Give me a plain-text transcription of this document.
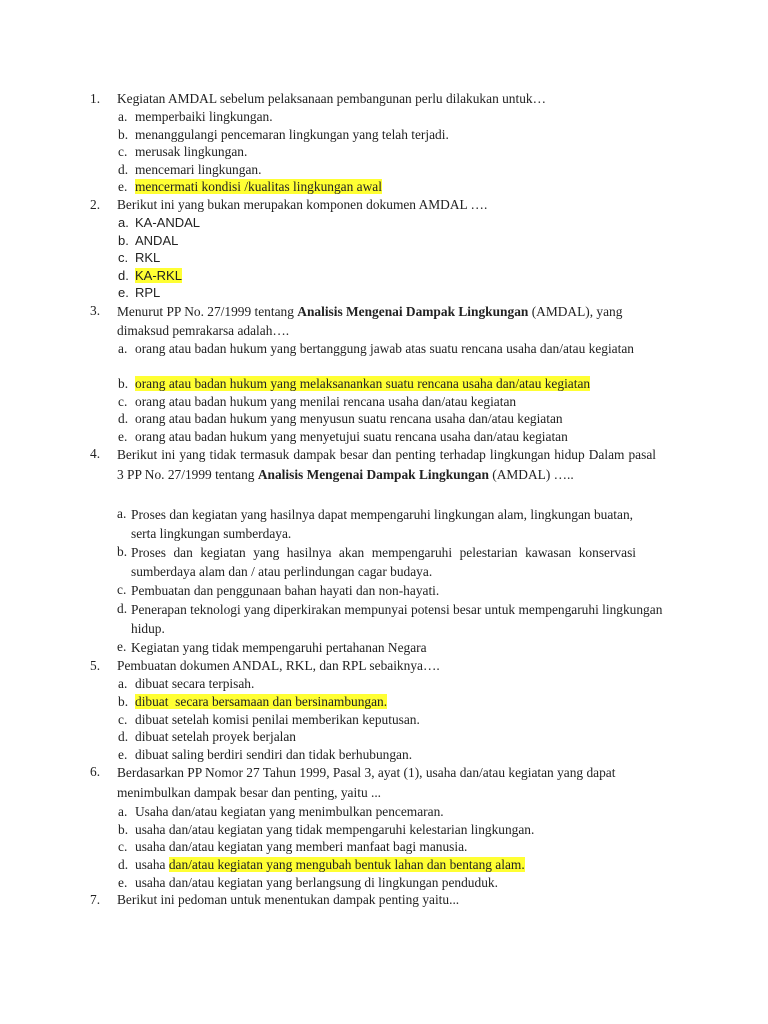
1.	Kegiatan AMDAL sebelum pelaksanaan pembangunan perlu dilakukan untuk…
a. memperbaiki lingkungan.
b. menanggulangi pencemaran lingkungan yang telah terjadi.
c. merusak lingkungan.
d. mencemari lingkungan.
e. mencermati kondisi /kualitas lingkungan awal
2.	Berikut ini yang bukan merupakan komponen dokumen AMDAL ….
a. KA-ANDAL
b. ANDAL
c. RKL
d. KA-RKL
e. RPL
3.	Menurut PP No. 27/1999 tentang Analisis Mengenai Dampak Lingkungan (AMDAL), yang dimaksud pemrakarsa adalah….
a. orang atau badan hukum yang bertanggung jawab atas suatu rencana usaha dan/atau kegiatan
b. orang atau badan hukum yang melaksanankan suatu rencana usaha dan/atau kegiatan
c. orang atau badan hukum yang menilai rencana usaha dan/atau kegiatan
d. orang atau badan hukum yang menyusun suatu rencana usaha dan/atau kegiatan
e. orang atau badan hukum yang menyetujui suatu rencana usaha dan/atau kegiatan
4.	Berikut ini yang tidak termasuk dampak besar dan penting terhadap lingkungan hidup Dalam pasal 3 PP No. 27/1999 tentang Analisis Mengenai Dampak Lingkungan (AMDAL) …..
a. Proses dan kegiatan yang hasilnya dapat mempengaruhi lingkungan alam, lingkungan buatan, serta lingkungan sumberdaya.
b. Proses dan kegiatan yang hasilnya akan mempengaruhi pelestarian kawasan konservasi sumberdaya alam dan / atau perlindungan cagar budaya.
c. Pembuatan dan penggunaan bahan hayati dan non-hayati.
d. Penerapan teknologi yang diperkirakan mempunyai potensi besar untuk mempengaruhi lingkungan hidup.
e. Kegiatan yang tidak mempengaruhi pertahanan Negara
5.	Pembuatan dokumen ANDAL, RKL, dan RPL sebaiknya….
a. dibuat secara terpisah.
b. dibuat  secara bersamaan dan bersinambungan.
c. dibuat setelah komisi penilai memberikan keputusan.
d. dibuat setelah proyek berjalan
e. dibuat saling berdiri sendiri dan tidak berhubungan.
6.	Berdasarkan PP Nomor 27 Tahun 1999, Pasal 3, ayat (1), usaha dan/atau kegiatan yang dapat menimbulkan dampak besar dan penting, yaitu ...
a. Usaha dan/atau kegiatan yang menimbulkan pencemaran.
b. usaha dan/atau kegiatan yang tidak mempengaruhi kelestarian lingkungan.
c. usaha dan/atau kegiatan yang memberi manfaat bagi manusia.
d. usaha dan/atau kegiatan yang mengubah bentuk lahan dan bentang alam.
e. usaha dan/atau kegiatan yang berlangsung di lingkungan penduduk.
7.	Berikut ini pedoman untuk menentukan dampak penting yaitu...
